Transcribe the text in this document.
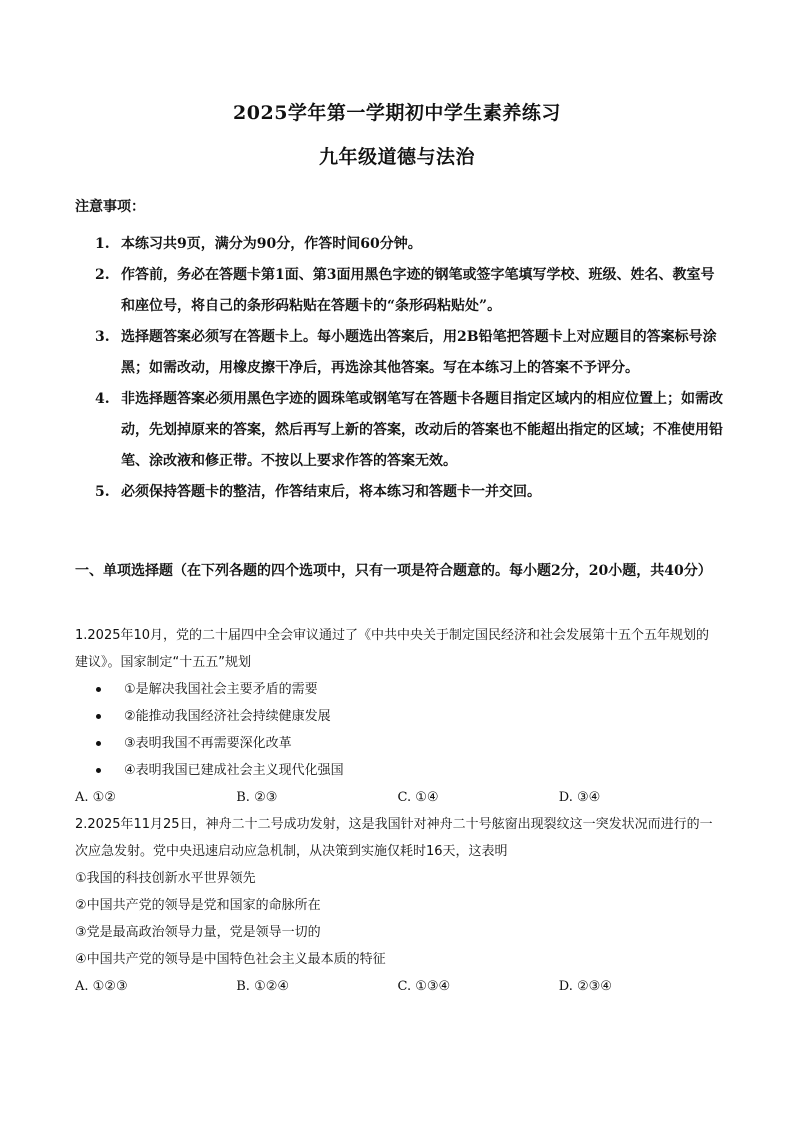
2025学年第一学期初中学生素养练习
九年级道德与法治
注意事项：
1. 本练习共9页，满分为90分，作答时间60分钟。
2. 作答前，务必在答题卡第1面、第3面用黑色字迹的钢笔或签字笔填写学校、班级、姓名、教室号和座位号，将自己的条形码粘贴在答题卡的“条形码粘贴处”。
3. 选择题答案必须写在答题卡上。每小题选出答案后，用2B铅笔把答题卡上对应题目的答案标号涂黑；如需改动，用橡皮擦干净后，再选涂其他答案。写在本练习上的答案不予评分。
4. 非选择题答案必须用黑色字迹的圆珠笔或钢笔写在答题卡各题目指定区域内的相应位置上；如需改动，先划掉原来的答案，然后再写上新的答案，改动后的答案也不能超出指定的区域；不准使用铅笔、涂改液和修正带。不按以上要求作答的答案无效。
5. 必须保持答题卡的整洁，作答结束后，将本练习和答题卡一并交回。
一、单项选择题（在下列各题的四个选项中，只有一项是符合题意的。每小题2分，20小题，共40分）
1.2025年10月，党的二十届四中全会审议通过了《中共中央关于制定国民经济和社会发展第十五个五年规划的建议》。国家制定“十五五”规划
①是解决我国社会主要矛盾的需要
②能推动我国经济社会持续健康发展
③表明我国不再需要深化改革
④表明我国已建成社会主义现代化强国
A. ①②	B. ②③	C. ①④	D. ③④
2.2025年11月25日，神舟二十二号成功发射，这是我国针对神舟二十号舷窗出现裂纹这一突发状况而进行的一次应急发射。党中央迅速启动应急机制，从决策到实施仅耗时16天，这表明
①我国的科技创新水平世界领先
②中国共产党的领导是党和国家的命脉所在
③党是最高政治领导力量，党是领导一切的
④中国共产党的领导是中国特色社会主义最本质的特征
A. ①②③	B. ①②④	C. ①③④	D. ②③④
